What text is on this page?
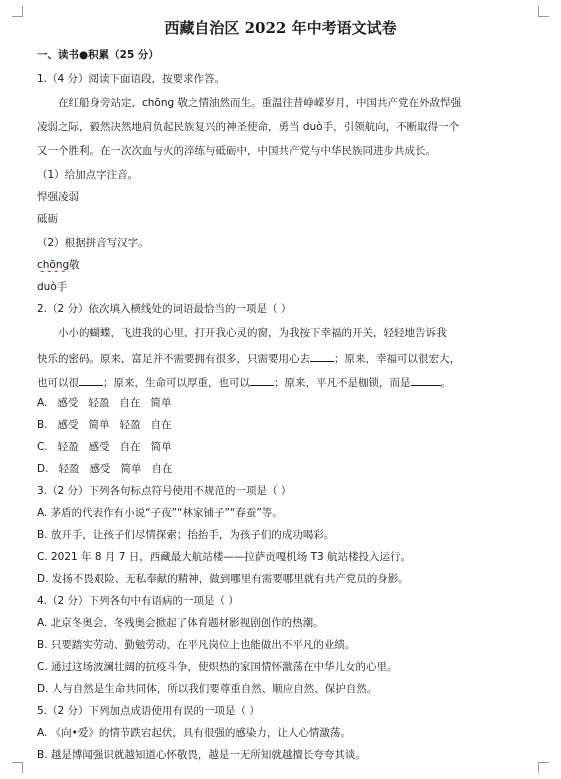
西藏自治区 2022 年中考语文试卷
一、读书●积累（25 分）
1.（4 分）阅读下面语段，按要求作答。
在红船身旁站定，chōng 敬之情油然而生。重温往昔峥嵘岁月，中国共产党在外敌悍强
凌弱之际，毅然决然地肩负起民族复兴的神圣使命，勇当 duò手，引领航向，不断取得一个
又一个胜利。在一次次血与火的淬练与砥砺中，中国共产党与中华民族同进步共成长。
（1）给加点字注音。
悍强凌弱
砥砺
（2）根据拼音写汉字。
chōng敬
duò手
2.（2 分）依次填入横线处的词语最恰当的一项是（ ）
小小的蝴蝶，飞进我的心里，打开我心灵的窗，为我按下幸福的开关，轻轻地告诉我
快乐的密码。原来，富足并不需要拥有很多，只需要用心去 ；原来，幸福可以很宏大，
也可以很 ；原来，生命可以厚重，也可以 ；原来，平凡不是枷锁，而是	。
A. 感受 轻盈 自在 简单
B. 感受 简单 轻盈 自在
C. 轻盈 感受 自在 简单
D. 轻盈 感受 简单 自在
3.（2 分）下列各句标点符号使用不规范的一项是（ ）
A. 茅盾的代表作有小说“子夜”“林家铺子”“春蚕”等。
B. 放开手，让孩子们尽情探索；抬抬手，为孩子们的成功喝彩。
C. 2021 年 8 月 7 日，西藏最大航站楼——拉萨贡嘎机场 T3 航站楼投入运行。
D. 发扬不畏艰险、无私奉献的精神，做到哪里有需要哪里就有共产党员的身影。
4.（2 分）下列各句中有语病的一项是（ ）
A. 北京冬奥会、冬残奥会掀起了体育题材影视剧创作的热潮。
B. 只要踏实劳动、勤勉劳动，在平凡岗位上也能做出不平凡的业绩。
C. 通过这场波澜壮阔的抗疫斗争，使炽热的家国情怀激荡在中华儿女的心里。
D. 人与自然是生命共同体，所以我们要尊重自然、顺应自然、保护自然。
5.（2 分）下列加点成语使用有误的一项是（ ）
A. 《向•爱》的情节跌宕起伏，具有很强的感染力，让人心情激荡。
B. 越是博闻强识就越知道心怀敬畏，越是一无所知就越擅长夸夸其谈。
